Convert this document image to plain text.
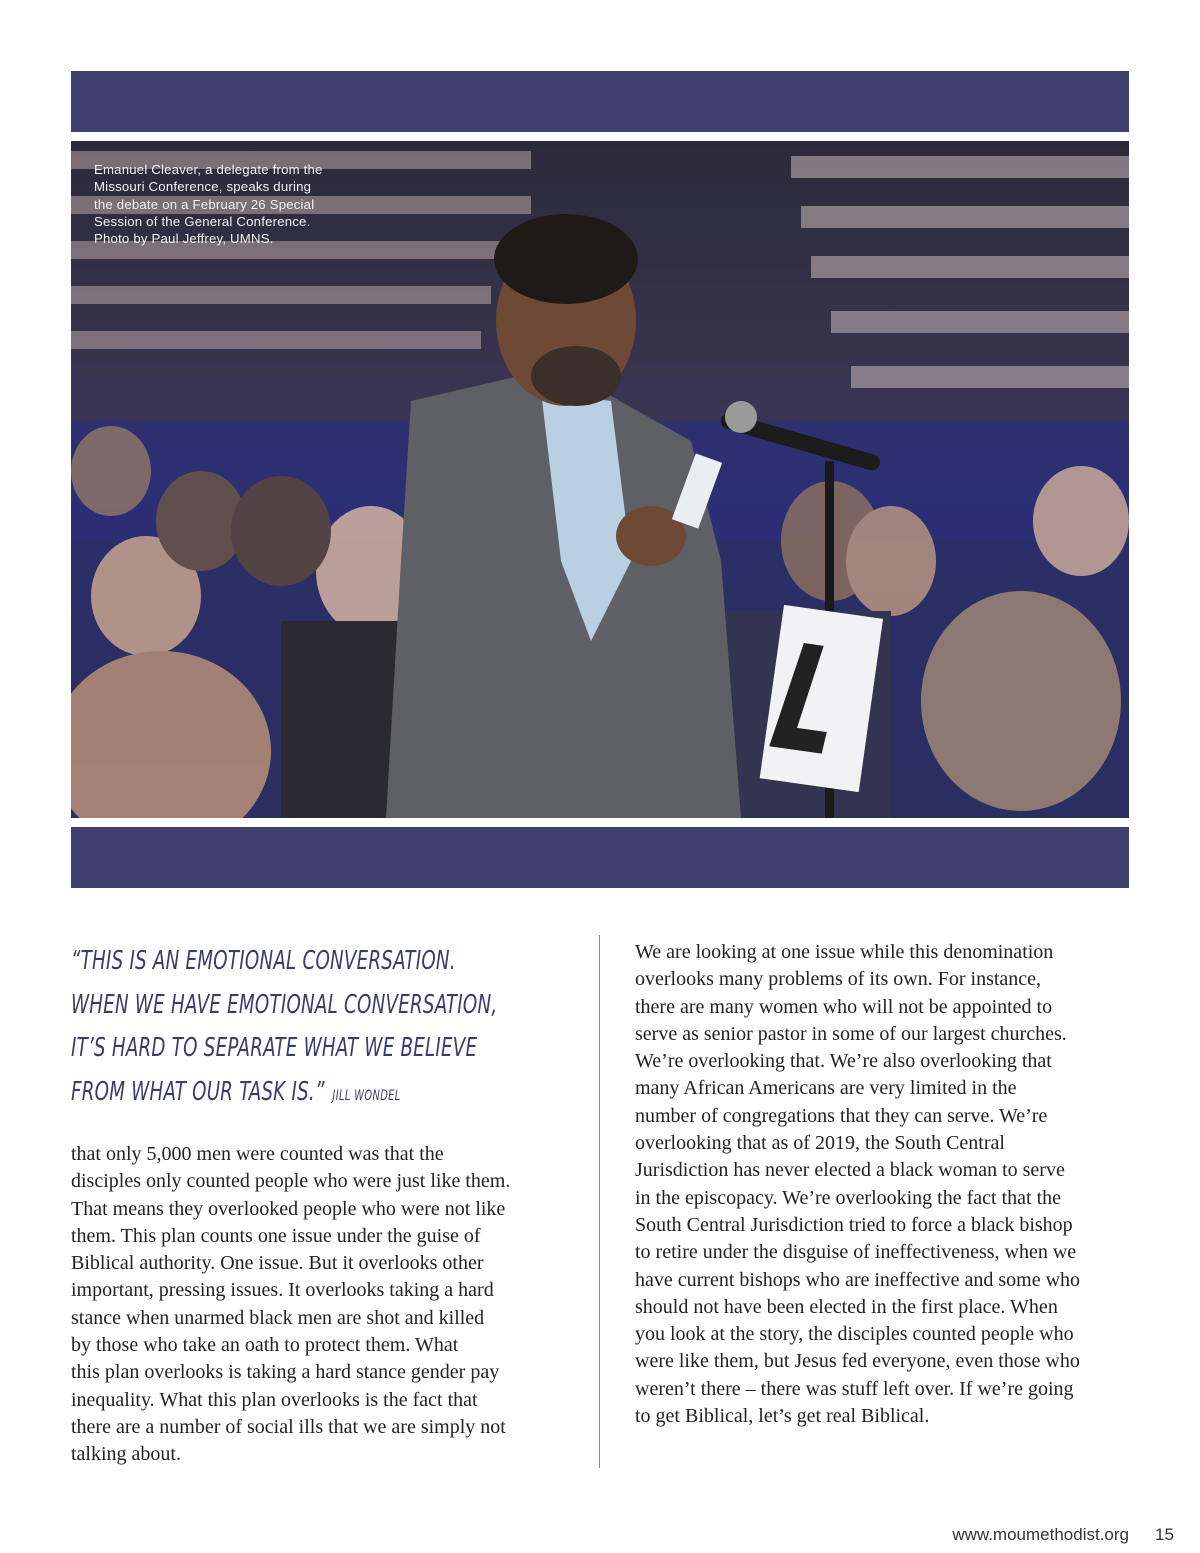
Emanuel Cleaver, a delegate from the
Missouri Conference, speaks during
the debate on a February 26 Special
Session of the General Conference.
Photo by Paul Jeffrey, UMNS.
“THIS IS AN EMOTIONAL CONVERSATION.
WHEN WE HAVE EMOTIONAL CONVERSATION,
IT’S HARD TO SEPARATE WHAT WE BELIEVE
FROM WHAT OUR TASK IS.” JILL WONDEL
that only 5,000 men were counted was that the
disciples only counted people who were just like them.
That means they overlooked people who were not like
them. This plan counts one issue under the guise of
Biblical authority. One issue. But it overlooks other
important, pressing issues. It overlooks taking a hard
stance when unarmed black men are shot and killed
by those who take an oath to protect them. What
this plan overlooks is taking a hard stance gender pay
inequality. What this plan overlooks is the fact that
there are a number of social ills that we are simply not
talking about.
We are looking at one issue while this denomination
overlooks many problems of its own. For instance,
there are many women who will not be appointed to
serve as senior pastor in some of our largest churches.
We’re overlooking that. We’re also overlooking that
many African Americans are very limited in the
number of congregations that they can serve. We’re
overlooking that as of 2019, the South Central
Jurisdiction has never elected a black woman to serve
in the episcopacy. We’re overlooking the fact that the
South Central Jurisdiction tried to force a black bishop
to retire under the disguise of ineffectiveness, when we
have current bishops who are ineffective and some who
should not have been elected in the first place. When
you look at the story, the disciples counted people who
were like them, but Jesus fed everyone, even those who
weren’t there – there was stuff left over. If we’re going
to get Biblical, let’s get real Biblical.
www.moumethodist.org 15
